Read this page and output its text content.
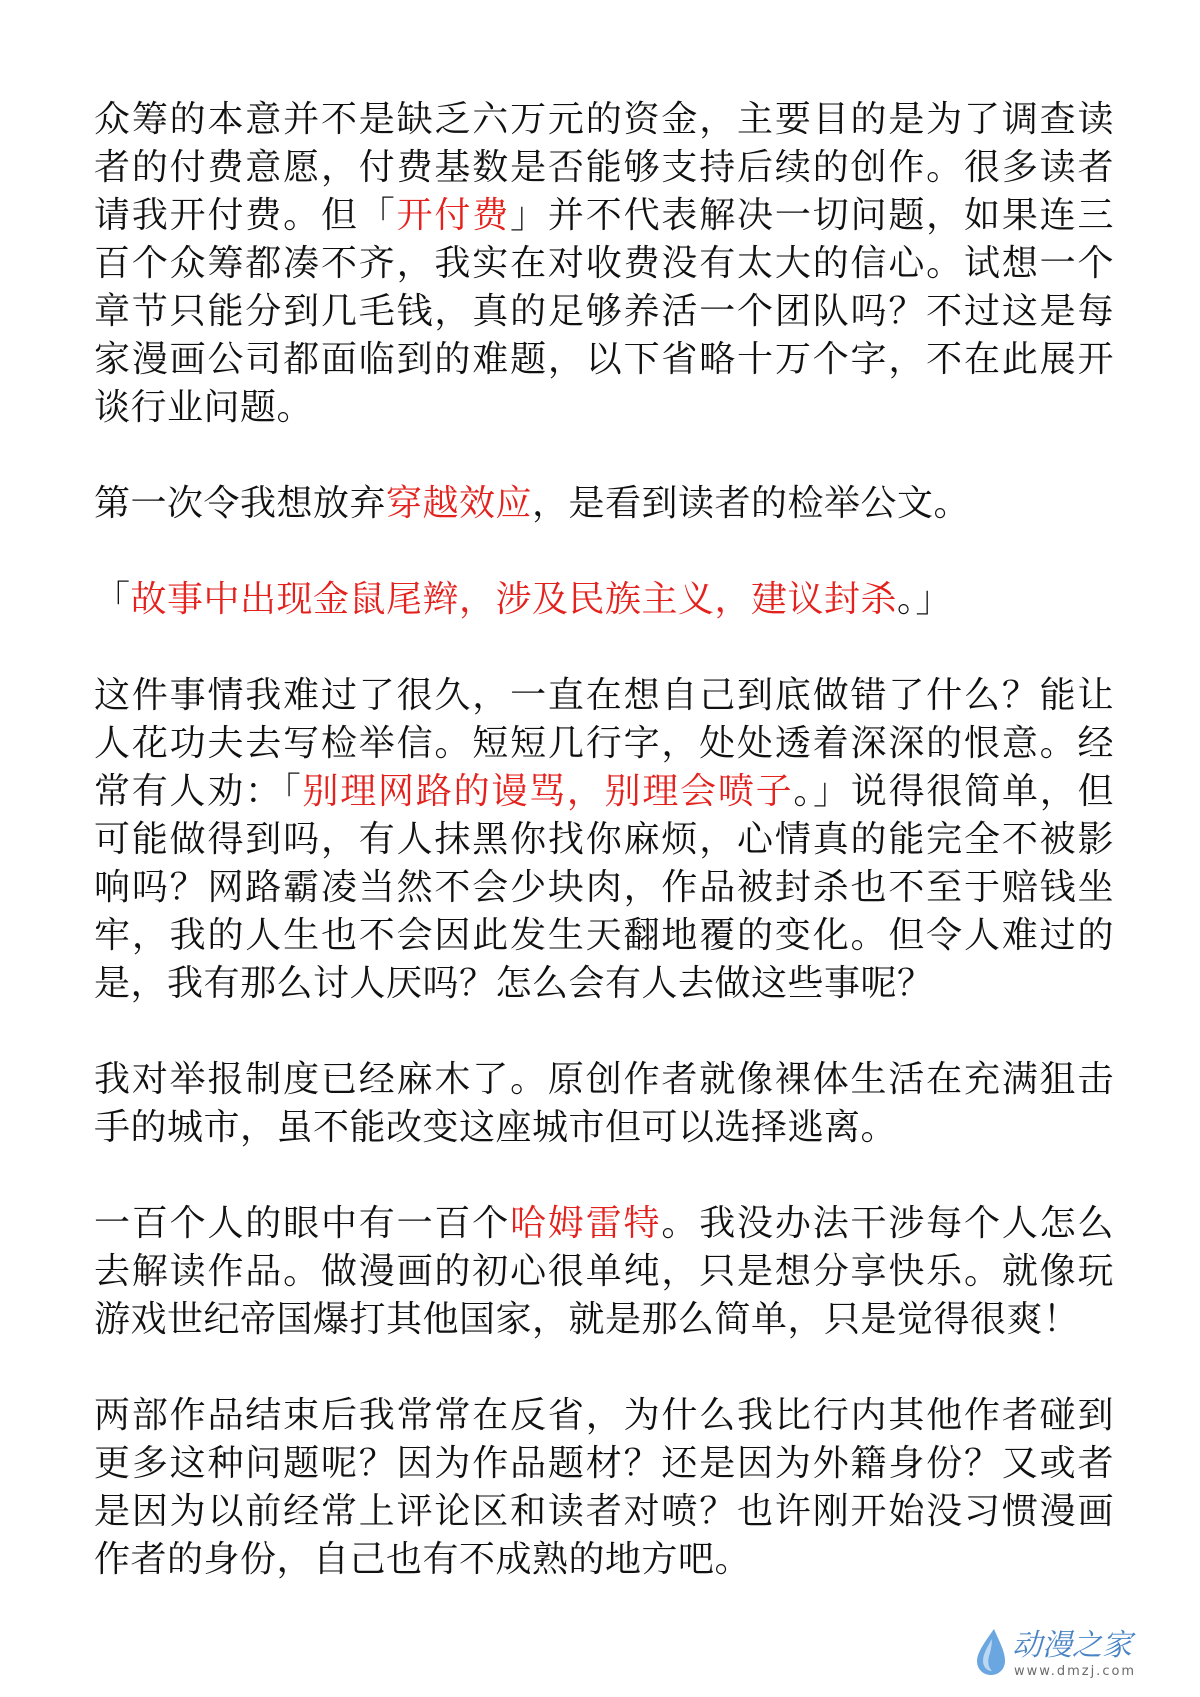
众筹的本意并不是缺乏六万元的资金，主要目的是为了调查读者的付费意愿，付费基数是否能够支持后续的创作。很多读者请我开付费。但「开付费」并不代表解决一切问题，如果连三百个众筹都凑不齐，我实在对收费没有太大的信心。试想一个章节只能分到几毛钱，真的足够养活一个团队吗？不过这是每家漫画公司都面临到的难题，以下省略十万个字，不在此展开谈行业问题。

第一次令我想放弃穿越效应，是看到读者的检举公文。

「故事中出现金鼠尾辫，涉及民族主义，建议封杀。」

这件事情我难过了很久，一直在想自己到底做错了什么？能让人花功夫去写检举信。短短几行字，处处透着深深的恨意。经常有人劝：「别理网路的谩骂，别理会喷子。」说得很简单，但可能做得到吗，有人抹黑你找你麻烦，心情真的能完全不被影响吗？网路霸凌当然不会少块肉，作品被封杀也不至于赔钱坐牢，我的人生也不会因此发生天翻地覆的变化。但令人难过的是，我有那么讨人厌吗？怎么会有人去做这些事呢？

我对举报制度已经麻木了。原创作者就像裸体生活在充满狙击手的城市，虽不能改变这座城市但可以选择逃离。

一百个人的眼中有一百个哈姆雷特。我没办法干涉每个人怎么去解读作品。做漫画的初心很单纯，只是想分享快乐。就像玩游戏世纪帝国爆打其他国家，就是那么简单，只是觉得很爽！

两部作品结束后我常常在反省，为什么我比行内其他作者碰到更多这种问题呢？因为作品题材？还是因为外籍身份？又或者是因为以前经常上评论区和读者对喷？也许刚开始没习惯漫画作者的身份，自己也有不成熟的地方吧。

动漫之家
www.dmzj.com
